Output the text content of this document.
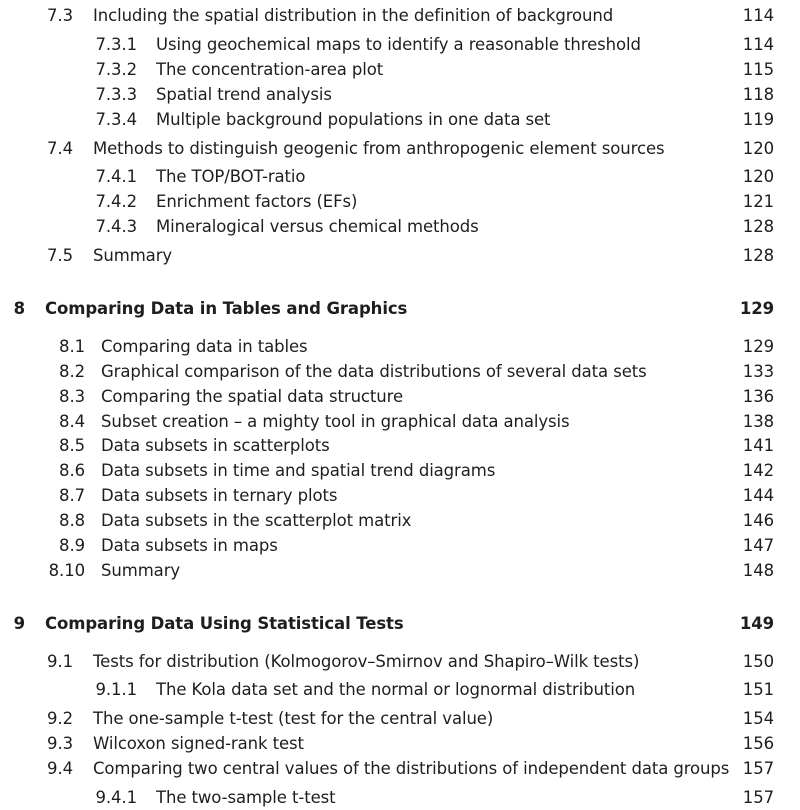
7.3 Including the spatial distribution in the definition of background	114
7.3.1 Using geochemical maps to identify a reasonable threshold	114
7.3.2 The concentration-area plot	115
7.3.3 Spatial trend analysis	118
7.3.4 Multiple background populations in one data set	119
7.4 Methods to distinguish geogenic from anthropogenic element sources	120
7.4.1 The TOP/BOT-ratio	120
7.4.2 Enrichment factors (EFs)	121
7.4.3 Mineralogical versus chemical methods	128
7.5 Summary	128
8 Comparing Data in Tables and Graphics	129
8.1 Comparing data in tables	129
8.2 Graphical comparison of the data distributions of several data sets	133
8.3 Comparing the spatial data structure	136
8.4 Subset creation – a mighty tool in graphical data analysis	138
8.5 Data subsets in scatterplots	141
8.6 Data subsets in time and spatial trend diagrams	142
8.7 Data subsets in ternary plots	144
8.8 Data subsets in the scatterplot matrix	146
8.9 Data subsets in maps	147
8.10 Summary	148
9 Comparing Data Using Statistical Tests	149
9.1 Tests for distribution (Kolmogorov–Smirnov and Shapiro–Wilk tests)	150
9.1.1 The Kola data set and the normal or lognormal distribution	151
9.2 The one-sample t-test (test for the central value)	154
9.3 Wilcoxon signed-rank test	156
9.4 Comparing two central values of the distributions of independent data groups 157
9.4.1 The two-sample t-test	157
